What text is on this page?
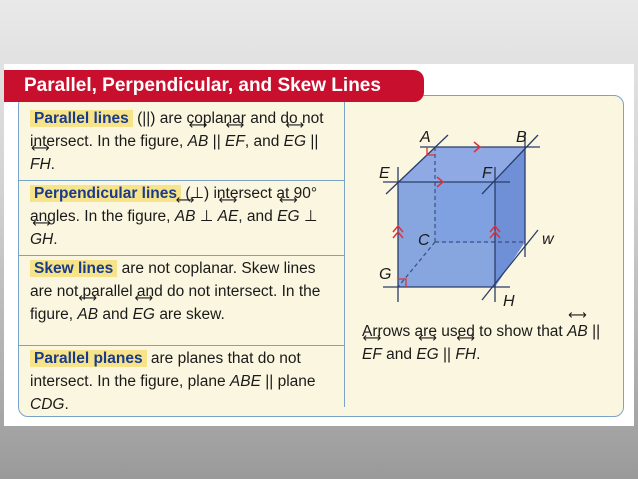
Parallel, Perpendicular, and Skew Lines
Parallel lines (||) are coplanar and do not intersect. In the figure, ⟷ AB || ⟷ EF, and ⟷ EG || ⟷ FH.
Perpendicular lines (⊥) intersect at 90° angles. In the figure, ⟷ AB ⊥ ⟷ AE, and ⟷ EG ⊥ ⟷ GH.
Skew lines are not coplanar. Skew lines are not parallel and do not intersect. In the figure, ⟷ AB and ⟷ EG are skew.
Parallel planes are planes that do not intersect. In the figure, plane ABE || plane CDG.
A	B
C
E	F
G
H
w
Arrows are used to show that ⟷ AB || ⟷ EF and ⟷ EG || ⟷ FH.
